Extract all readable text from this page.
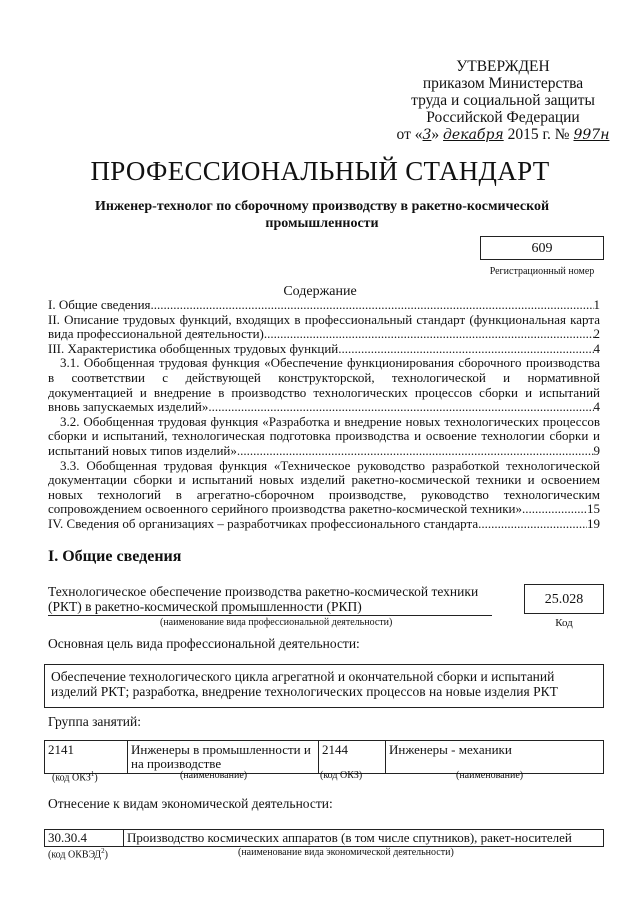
УТВЕРЖДЕН
приказом Министерства
труда и социальной защиты
Российской Федерации
от «3» декабря 2015 г. № 997н
ПРОФЕССИОНАЛЬНЫЙ СТАНДАРТ
Инженер-технолог по сборочному производству в ракетно-космической промышленности
609
Регистрационный номер
Содержание
I. Общие сведения .....	1
II. Описание трудовых функций, входящих в профессиональный стандарт (функциональная карта
вида профессиональной деятельности) .....	2
III. Характеристика обобщенных трудовых функций .....	4
3.1. Обобщенная трудовая функция «Обеспечение функционирования сборочного производства
в соответствии с действующей конструкторской, технологической и нормативной
документацией и внедрение в производство технологических процессов сборки и испытаний
вновь запускаемых изделий» .....	4
3.2. Обобщенная трудовая функция «Разработка и внедрение новых технологических процессов
сборки и испытаний, технологическая подготовка производства и освоение технологии сборки и
испытаний новых типов изделий» .....	9
3.3. Обобщенная трудовая функция «Техническое руководство разработкой технологической
документации сборки и испытаний новых изделий ракетно-космической техники и освоением
новых технологий в агрегатно-сборочном производстве, руководство технологическим
сопровождением освоенного серийного производства ракетно-космической техники» .....	15
IV. Сведения об организациях – разработчиках профессионального стандарта .....	19
I. Общие сведения
Технологическое обеспечение производства ракетно-космической техники (РКТ) в ракетно-космической промышленности (РКП)
(наименование вида профессиональной деятельности)
25.028
Код
Основная цель вида профессиональной деятельности:
Обеспечение технологического цикла агрегатной и окончательной сборки и испытаний изделий РКТ; разработка, внедрение технологических процессов на новые изделия РКТ
Группа занятий:
2141	Инженеры в промышленности и на производстве	2144	Инженеры - механики
(код ОКЗ$^1$)	(наименование)	(код ОКЗ)	(наименование)
Отнесение к видам экономической деятельности:
30.30.4	Производство космических аппаратов (в том числе спутников), ракет-носителей
(код ОКВЭД$^2$)	(наименование вида экономической деятельности)
